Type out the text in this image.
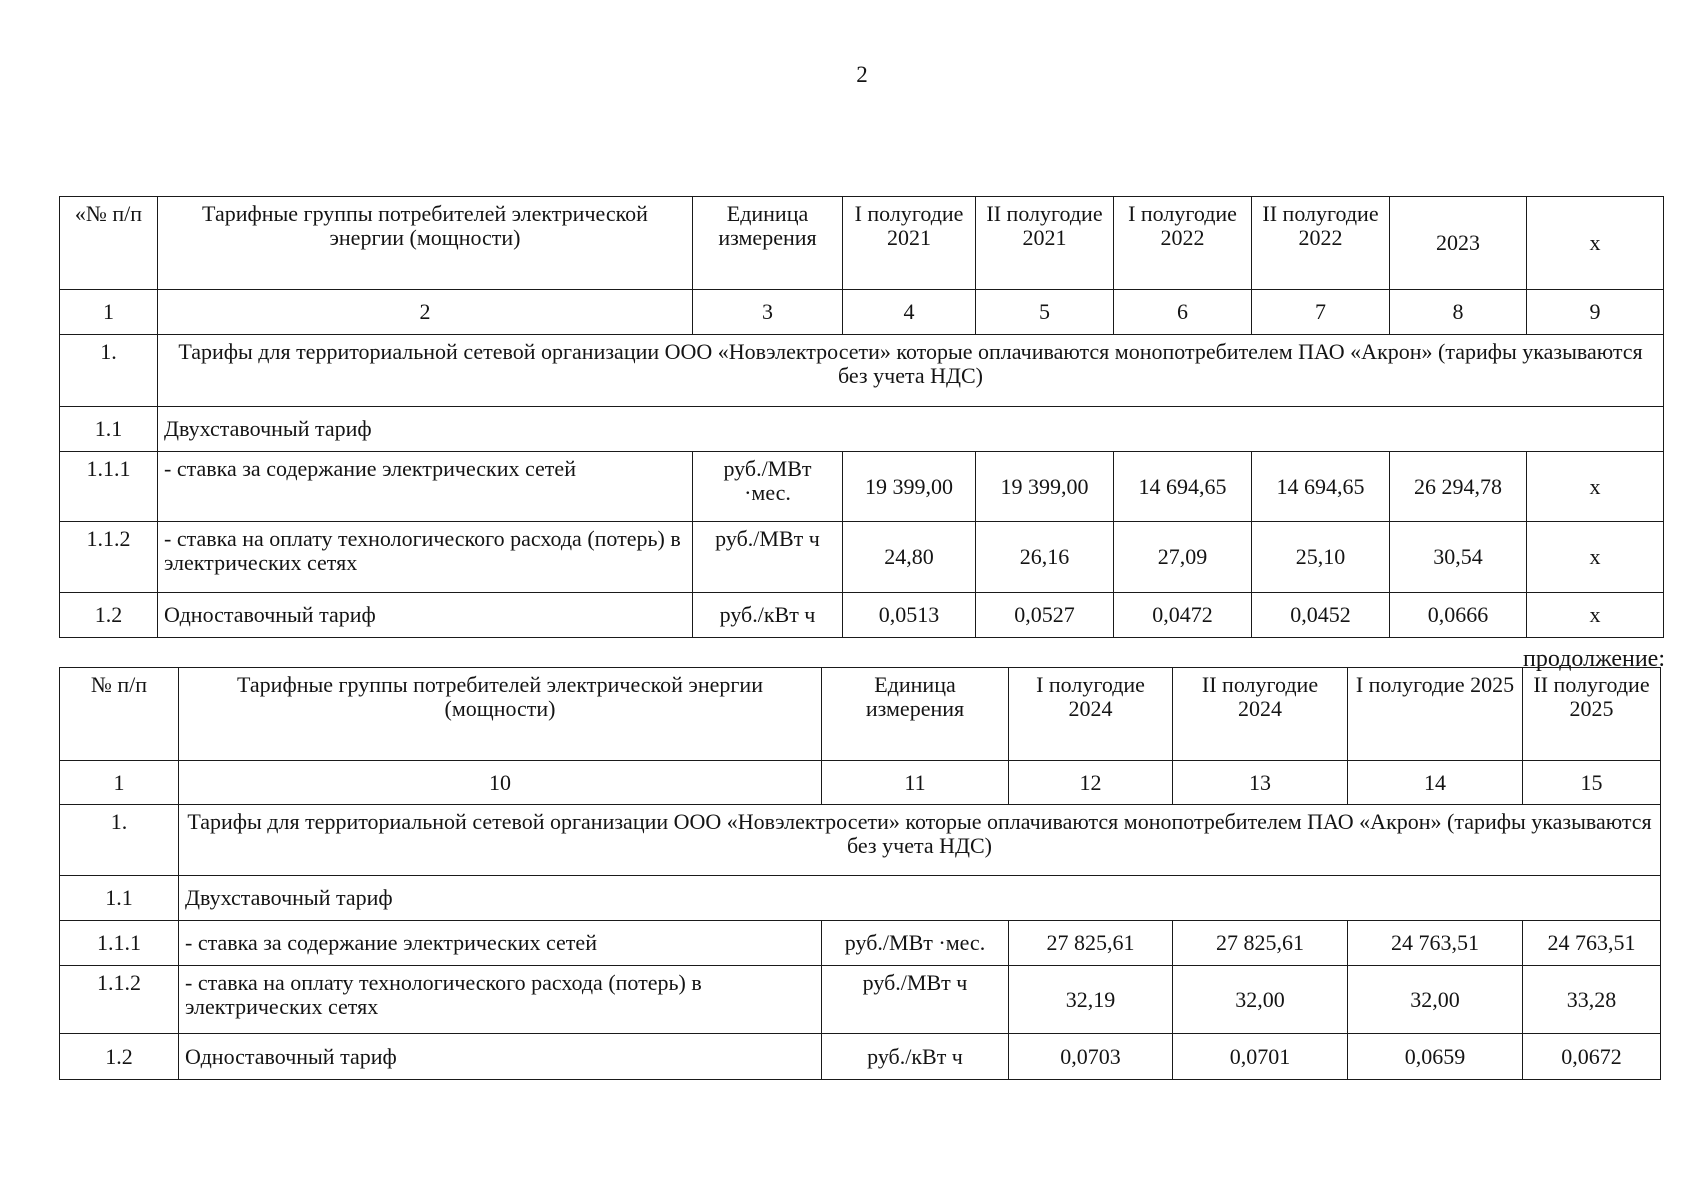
2
«№ п/п	Тарифные группы потребителей электрической энергии (мощности)	Единица измерения	I полугодие 2021	II полугодие 2021	I полугодие 2022	II полугодие 2022	2023	х
1	2	3	4	5	6	7	8	9
1.	Тарифы для территориальной сетевой организации ООО «Новэлектросети» которые оплачиваются монопотребителем ПАО «Акрон» (тарифы указываются без учета НДС)							
1.1	Двухставочный тариф							
1.1.1	- ставка за содержание электрических сетей	руб./МВт ·мес.	19 399,00	19 399,00	14 694,65	14 694,65	26 294,78	х
1.1.2	- ставка на оплату технологического расхода (потерь) в электрических сетях	руб./МВт ч	24,80	26,16	27,09	25,10	30,54	х
1.2	Одноставочный тариф	руб./кВт ч	0,0513	0,0527	0,0472	0,0452	0,0666	х
продолжение:
№ п/п	Тарифные группы потребителей электрической энергии (мощности)	Единица измерения	I полугодие 2024	II полугодие 2024	I полугодие 2025	II полугодие 2025
1	10	11	12	13	14	15
1.	Тарифы для территориальной сетевой организации ООО «Новэлектросети» которые оплачиваются монопотребителем ПАО «Акрон» (тарифы указываются без учета НДС)					
1.1	Двухставочный тариф					
1.1.1	- ставка за содержание электрических сетей	руб./МВт ·мес.	27 825,61	27 825,61	24 763,51	24 763,51
1.1.2	- ставка на оплату технологического расхода (потерь) в электрических сетях	руб./МВт ч	32,19	32,00	32,00	33,28
1.2	Одноставочный тариф	руб./кВт ч	0,0703	0,0701	0,0659	0,0672
